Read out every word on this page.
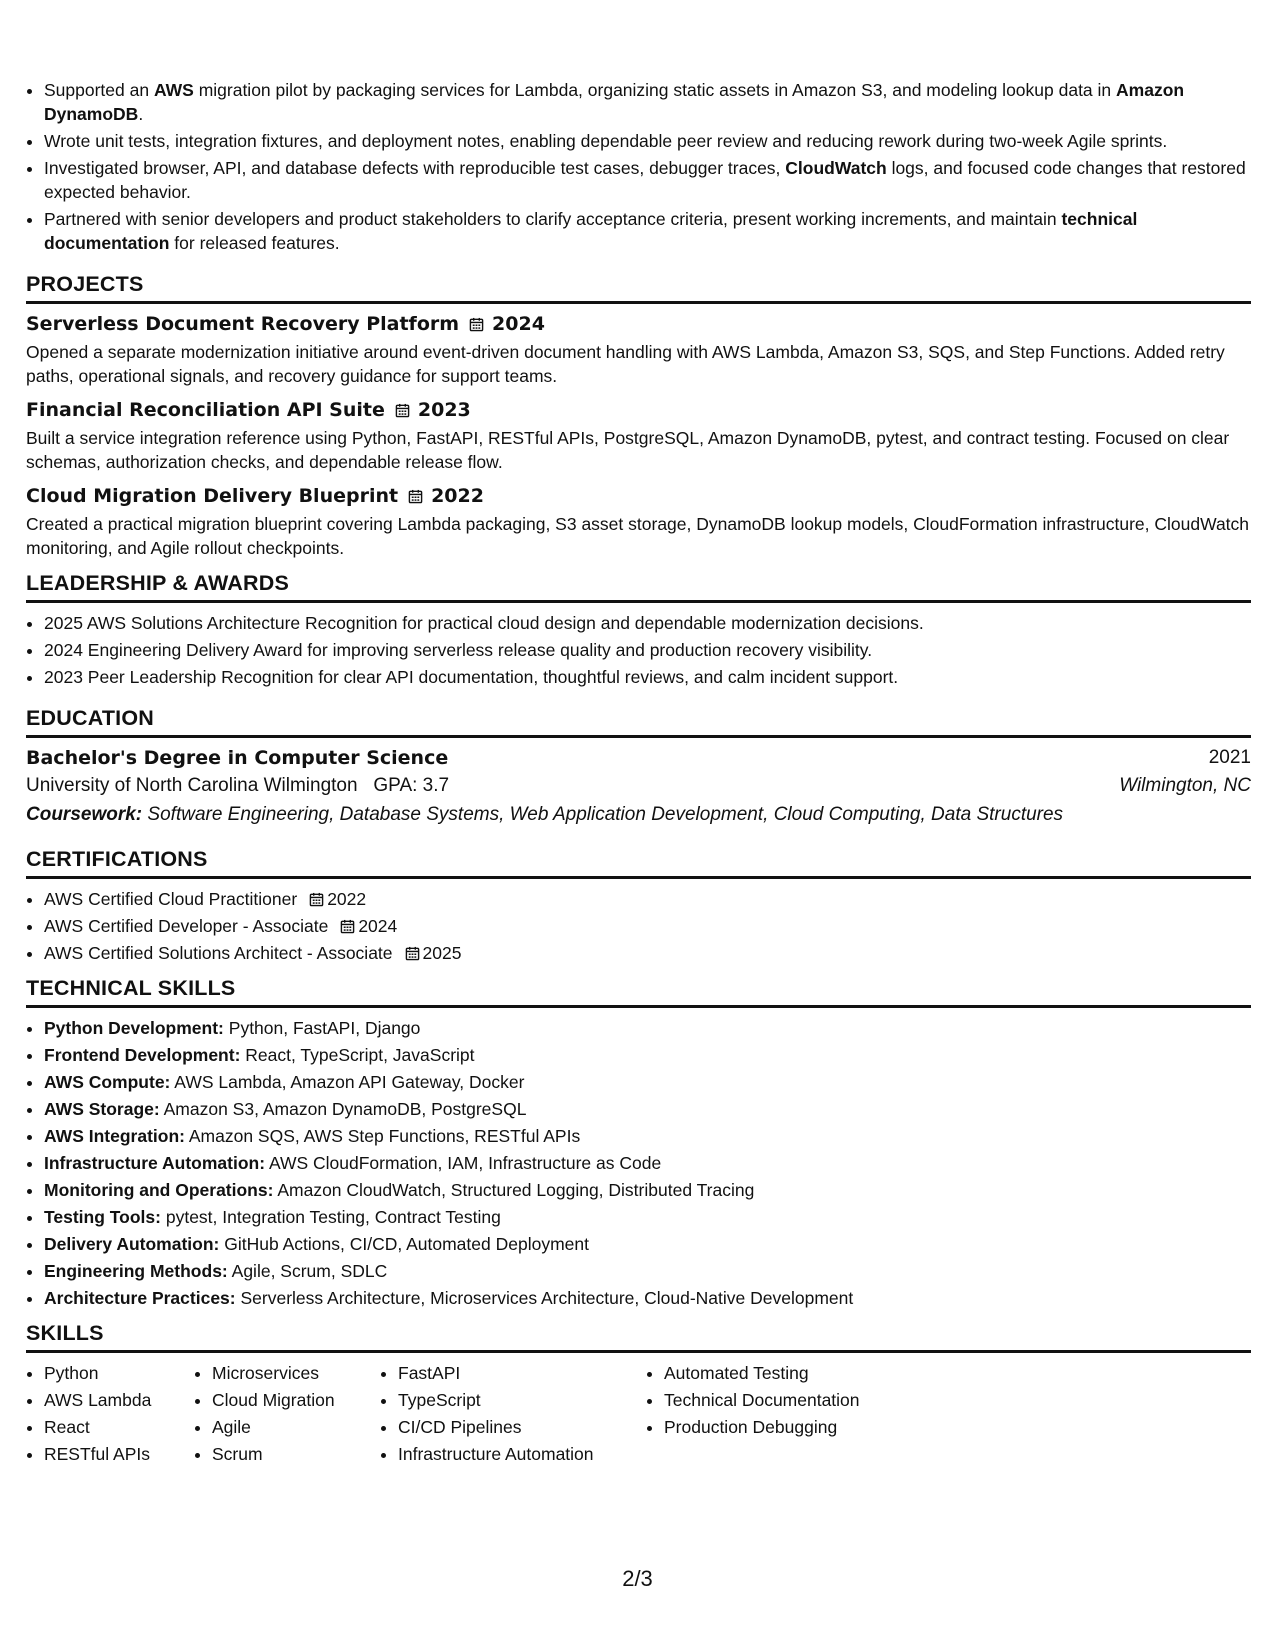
• Supported an AWS migration pilot by packaging services for Lambda, organizing static assets in Amazon S3, and modeling lookup data in Amazon DynamoDB.
• Wrote unit tests, integration fixtures, and deployment notes, enabling dependable peer review and reducing rework during two-week Agile sprints.
• Investigated browser, API, and database defects with reproducible test cases, debugger traces, CloudWatch logs, and focused code changes that restored expected behavior.
• Partnered with senior developers and product stakeholders to clarify acceptance criteria, present working increments, and maintain technical documentation for released features.
PROJECTS
Serverless Document Recovery Platform 2024
Opened a separate modernization initiative around event-driven document handling with AWS Lambda, Amazon S3, SQS, and Step Functions. Added retry paths, operational signals, and recovery guidance for support teams.
Financial Reconciliation API Suite 2023
Built a service integration reference using Python, FastAPI, RESTful APIs, PostgreSQL, Amazon DynamoDB, pytest, and contract testing. Focused on clear schemas, authorization checks, and dependable release flow.
Cloud Migration Delivery Blueprint 2022
Created a practical migration blueprint covering Lambda packaging, S3 asset storage, DynamoDB lookup models, CloudFormation infrastructure, CloudWatch monitoring, and Agile rollout checkpoints.
LEADERSHIP & AWARDS
• 2025 AWS Solutions Architecture Recognition for practical cloud design and dependable modernization decisions.
• 2024 Engineering Delivery Award for improving serverless release quality and production recovery visibility.
• 2023 Peer Leadership Recognition for clear API documentation, thoughtful reviews, and calm incident support.
EDUCATION
Bachelor's Degree in Computer Science	2021
University of North Carolina Wilmington GPA: 3.7	Wilmington, NC
Coursework: Software Engineering, Database Systems, Web Application Development, Cloud Computing, Data Structures
CERTIFICATIONS
• AWS Certified Cloud Practitioner 2022
• AWS Certified Developer - Associate 2024
• AWS Certified Solutions Architect - Associate 2025
TECHNICAL SKILLS
• Python Development: Python, FastAPI, Django
• Frontend Development: React, TypeScript, JavaScript
• AWS Compute: AWS Lambda, Amazon API Gateway, Docker
• AWS Storage: Amazon S3, Amazon DynamoDB, PostgreSQL
• AWS Integration: Amazon SQS, AWS Step Functions, RESTful APIs
• Infrastructure Automation: AWS CloudFormation, IAM, Infrastructure as Code
• Monitoring and Operations: Amazon CloudWatch, Structured Logging, Distributed Tracing
• Testing Tools: pytest, Integration Testing, Contract Testing
• Delivery Automation: GitHub Actions, CI/CD, Automated Deployment
• Engineering Methods: Agile, Scrum, SDLC
• Architecture Practices: Serverless Architecture, Microservices Architecture, Cloud-Native Development
SKILLS
• Python
• AWS Lambda
• React
• RESTful APIs
• Microservices
• Cloud Migration
• Agile
• Scrum
• FastAPI
• TypeScript
• CI/CD Pipelines
• Infrastructure Automation
• Automated Testing
• Technical Documentation
• Production Debugging
2/3
